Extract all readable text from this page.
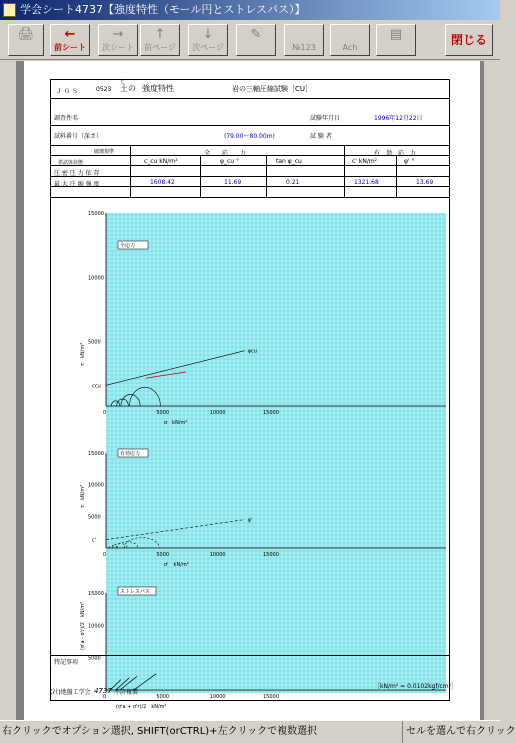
学会シート4737【強度特性（モール円とストレスパス）】
🖨	←
前シート
→
次シート
↑
前ページ
↓
次ページ
✎
№123	Ach
▤	閉じる
Ｊ Ｇ Ｓ	0523
ど
土の 強度特性	岩の三軸圧縮試験［CU］
調査件名	試験年月日	1996年12月22日
試料番号（深さ）	(79.00～80.00m)	試 験 者
供試体状態
破壊規準	全　　応　　力	有　効　応　力
c_cu kN/m²	φ_cu °	tan φ_cu	c' kN/m²	φ' °
圧 密 圧 力 依 存
最 大 圧 縮 強 度	1608.42	11.69	0.21	1321.68	13.69
15000
10000
5000
0	5000	10000	15000
全応力
σ　kN/m²
τ　kN/m²	φcu
ccu
15000
10000
5000
0	5000	10000	15000
有効応力
σ'　kN/m²
τ　kN/m²
φ'
c'
15000
10000
5000
0	5000	10000	15000
ストレスパス
(σ'a + σ'r)/2　kN/m²
(σ'a - σ'r)/2　kN/m²
特記事項
［kN/m² = 0.0102kgf/cm²］
(社)地盤工学会 4737 不許複製
右クリックでオプション選択, SHIFT(orCTRL)+左クリックで複数選択	セルを選んで右クリック
